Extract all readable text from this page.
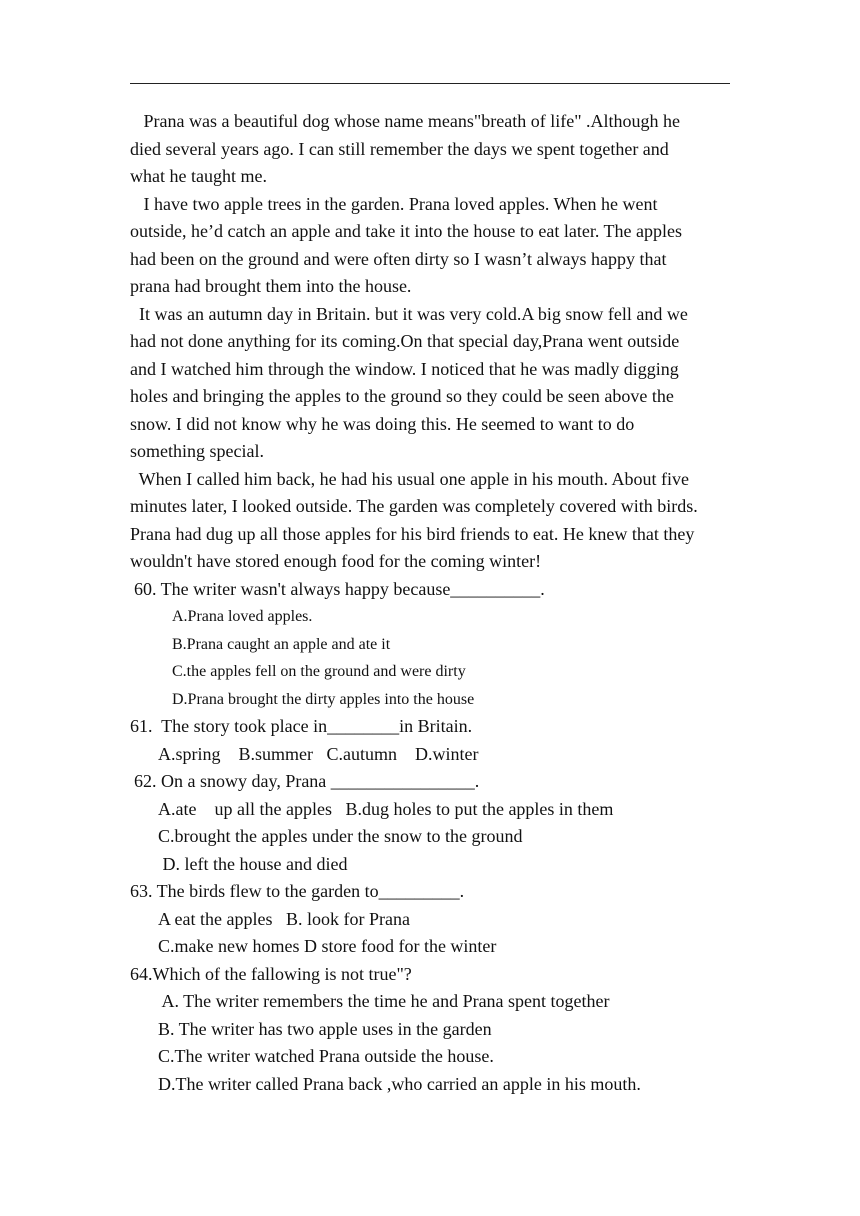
Prana was a beautiful dog whose name means"breath of life" .Although he
died several years ago. I can still remember the days we spent together and
what he taught me.
I have two apple trees in the garden. Prana loved apples. When he went
outside, he’d catch an apple and take it into the house to eat later. The apples
had been on the ground and were often dirty so I wasn’t always happy that
prana had brought them into the house.
It was an autumn day in Britain. but it was very cold.A big snow fell and we
had not done anything for its coming.On that special day,Prana went outside
and I watched him through the window. I noticed that he was madly digging
holes and bringing the apples to the ground so they could be seen above the
snow. I did not know why he was doing this. He seemed to want to do
something special.
When I called him back, he had his usual one apple in his mouth. About five
minutes later, I looked outside. The garden was completely covered with birds.
Prana had dug up all those apples for his bird friends to eat. He knew that they
wouldn't have stored enough food for the coming winter!
60. The writer wasn't always happy because__________.
A.Prana loved apples.
B.Prana caught an apple and ate it
C.the apples fell on the ground and were dirty
D.Prana brought the dirty apples into the house
61.  The story took place in________in Britain.
A.spring    B.summer   C.autumn    D.winter
62. On a snowy day, Prana ________________.
A.ate    up all the apples   B.dug holes to put the apples in them
C.brought the apples under the snow to the ground
D. left the house and died
63. The birds flew to the garden to_________.
A eat the apples   B. look for Prana
C.make new homes D store food for the winter
64.Which of the fallowing is not true"?
A. The writer remembers the time he and Prana spent together
B. The writer has two apple uses in the garden
C.The writer watched Prana outside the house.
D.The writer called Prana back ,who carried an apple in his mouth.
